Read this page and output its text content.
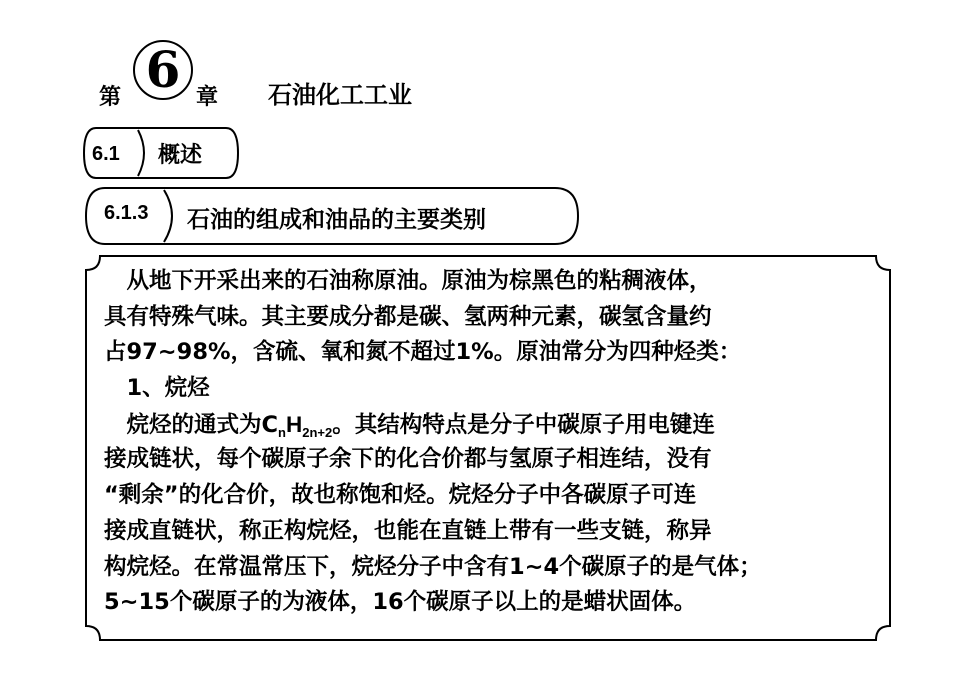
第 6 章 石油化工工业
6.1 概述
6.1.3 石油的组成和油品的主要类别
　从地下开采出来的石油称原油。原油为棕黑色的粘稠液体，
具有特殊气味。其主要成分都是碳、氢两种元素，碳氢含量约
占97~98%，含硫、氧和氮不超过1%。原油常分为四种烃类：
　1、烷烃
　烷烃的通式为$C_nH_{2n+2}$。其结构特点是分子中碳原子用电键连
接成链状，每个碳原子余下的化合价都与氢原子相连结，没有
“剩余”的化合价，故也称饱和烃。烷烃分子中各碳原子可连
接成直链状，称正构烷烃，也能在直链上带有一些支链，称异
构烷烃。在常温常压下，烷烃分子中含有1~4个碳原子的是气体；
5~15个碳原子的为液体，16个碳原子以上的是蜡状固体。
